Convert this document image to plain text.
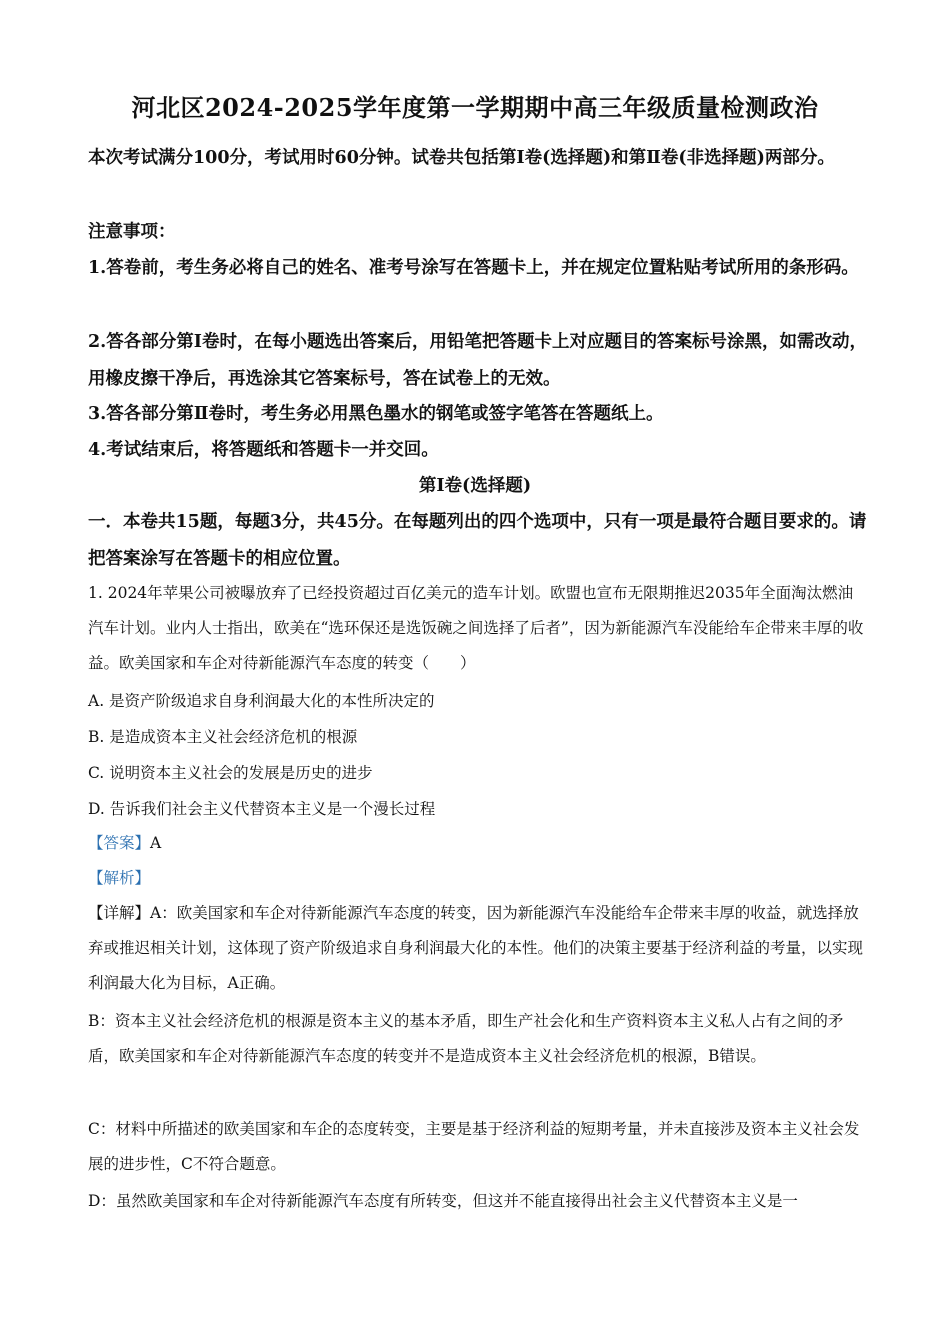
河北区2024-2025学年度第一学期期中高三年级质量检测政治
本次考试满分100分，考试用时60分钟。试卷共包括第Ⅰ卷(选择题)和第Ⅱ卷(非选择题)两部分。
注意事项：
1.答卷前，考生务必将自己的姓名、准考号涂写在答题卡上，并在规定位置粘贴考试所用的条形码。
2.答各部分第Ⅰ卷时，在每小题选出答案后，用铅笔把答题卡上对应题目的答案标号涂黑，如需改动，用橡皮擦干净后，再选涂其它答案标号，答在试卷上的无效。
3.答各部分第Ⅱ卷时，考生务必用黑色墨水的钢笔或签字笔答在答题纸上。
4.考试结束后，将答题纸和答题卡一并交回。
第Ⅰ卷(选择题)
一．本卷共15题，每题3分，共45分。在每题列出的四个选项中，只有一项是最符合题目要求的。请把答案涂写在答题卡的相应位置。
1. 2024年苹果公司被曝放弃了已经投资超过百亿美元的造车计划。欧盟也宣布无限期推迟2035年全面淘汰燃油汽车计划。业内人士指出，欧美在“选环保还是选饭碗之间选择了后者”，因为新能源汽车没能给车企带来丰厚的收益。欧美国家和车企对待新能源汽车态度的转变（　　）
A. 是资产阶级追求自身利润最大化的本性所决定的
B. 是造成资本主义社会经济危机的根源
C. 说明资本主义社会的发展是历史的进步
D. 告诉我们社会主义代替资本主义是一个漫长过程
【答案】A
【解析】
【详解】A：欧美国家和车企对待新能源汽车态度的转变，因为新能源汽车没能给车企带来丰厚的收益，就选择放弃或推迟相关计划，这体现了资产阶级追求自身利润最大化的本性。他们的决策主要基于经济利益的考量，以实现利润最大化为目标，A正确。
B：资本主义社会经济危机的根源是资本主义的基本矛盾，即生产社会化和生产资料资本主义私人占有之间的矛盾，欧美国家和车企对待新能源汽车态度的转变并不是造成资本主义社会经济危机的根源，B错误。
C：材料中所描述的欧美国家和车企的态度转变，主要是基于经济利益的短期考量，并未直接涉及资本主义社会发展的进步性，C不符合题意。
D：虽然欧美国家和车企对待新能源汽车态度有所转变，但这并不能直接得出社会主义代替资本主义是一
